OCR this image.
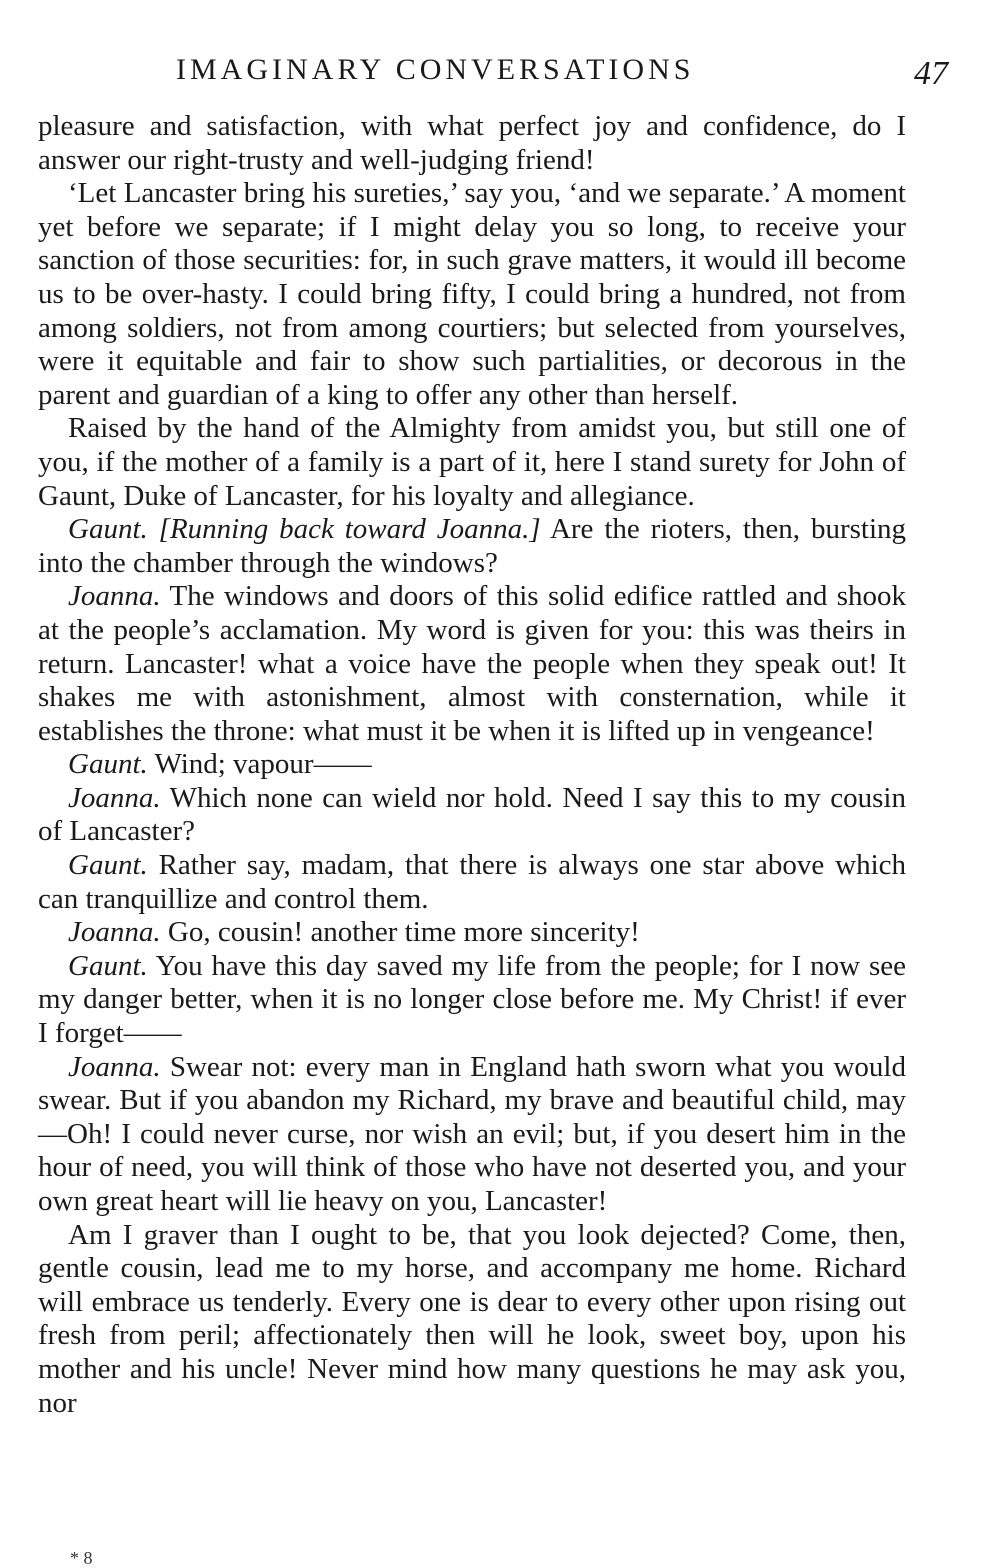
IMAGINARY CONVERSATIONS	47

pleasure and satisfaction, with what perfect joy and confidence, do I answer our right-trusty and well-judging friend!

‘Let Lancaster bring his sureties,’ say you, ‘and we separate.’ A moment yet before we separate; if I might delay you so long, to receive your sanction of those securities: for, in such grave matters, it would ill become us to be over-hasty. I could bring fifty, I could bring a hundred, not from among soldiers, not from among courtiers; but selected from yourselves, were it equitable and fair to show such partialities, or decorous in the parent and guardian of a king to offer any other than herself.

Raised by the hand of the Almighty from amidst you, but still one of you, if the mother of a family is a part of it, here I stand surety for John of Gaunt, Duke of Lancaster, for his loyalty and allegiance.

Gaunt. [Running back toward Joanna.] Are the rioters, then, bursting into the chamber through the windows?

Joanna. The windows and doors of this solid edifice rattled and shook at the people’s acclamation. My word is given for you: this was theirs in return. Lancaster! what a voice have the people when they speak out! It shakes me with astonishment, almost with consternation, while it establishes the throne: what must it be when it is lifted up in vengeance!

Gaunt. Wind; vapour——

Joanna. Which none can wield nor hold. Need I say this to my cousin of Lancaster?

Gaunt. Rather say, madam, that there is always one star above which can tranquillize and control them.

Joanna. Go, cousin! another time more sincerity!

Gaunt. You have this day saved my life from the people; for I now see my danger better, when it is no longer close before me. My Christ! if ever I forget——

Joanna. Swear not: every man in England hath sworn what you would swear. But if you abandon my Richard, my brave and beautiful child, may—Oh! I could never curse, nor wish an evil; but, if you desert him in the hour of need, you will think of those who have not deserted you, and your own great heart will lie heavy on you, Lancaster!

Am I graver than I ought to be, that you look dejected? Come, then, gentle cousin, lead me to my horse, and accompany me home. Richard will embrace us tenderly. Every one is dear to every other upon rising out fresh from peril; affectionately then will he look, sweet boy, upon his mother and his uncle! Never mind how many questions he may ask you, nor

* 8
